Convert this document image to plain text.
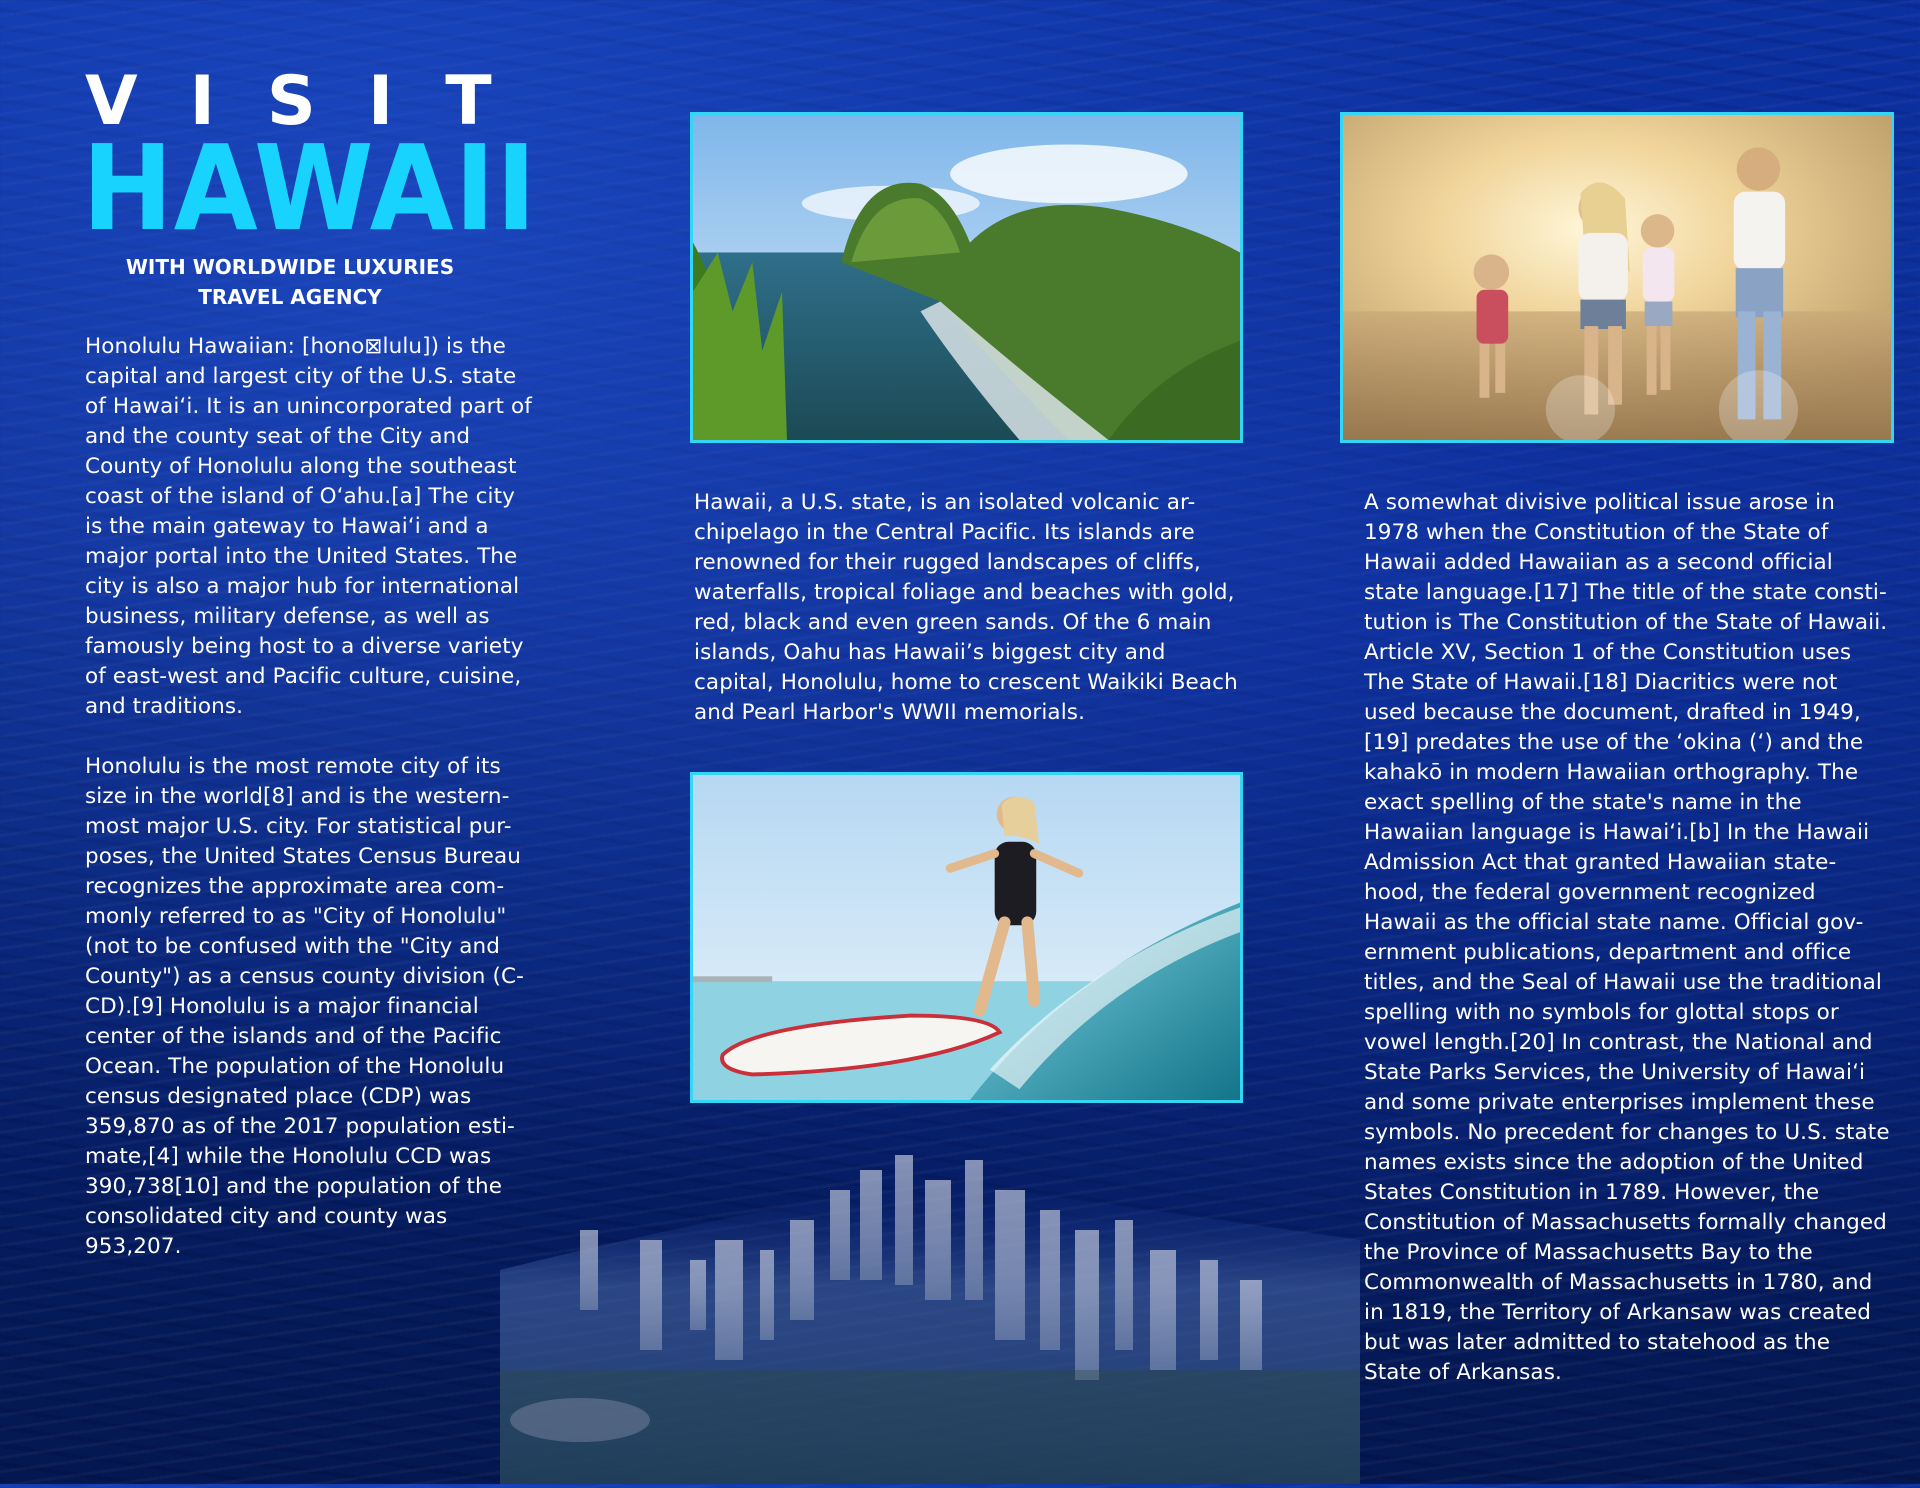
VISIT
HAWAII
WITH WORLDWIDE LUXURIES
TRAVEL AGENCY

Honolulu Hawaiian: [hono⊠lulu]) is the capital and largest city of the U.S. state of Hawaiʻi. It is an unincorporated part of and the county seat of the City and County of Honolulu along the southeast coast of the island of Oʻahu.[a] The city is the main gateway to Hawaiʻi and a major portal into the United States. The city is also a major hub for international business, military defense, as well as famously being host to a diverse variety of east-west and Pacific culture, cuisine, and traditions.

Honolulu is the most remote city of its size in the world[8] and is the western-most major U.S. city. For statistical pur-poses, the United States Census Bureau recognizes the approximate area com-monly referred to as "City of Honolulu" (not to be confused with the "City and County") as a census county division (C-CD).[9] Honolulu is a major financial center of the islands and of the Pacific Ocean. The population of the Honolulu census designated place (CDP) was 359,870 as of the 2017 population esti-mate,[4] while the Honolulu CCD was 390,738[10] and the population of the consolidated city and county was 953,207.

Hawaii, a U.S. state, is an isolated volcanic ar-chipelago in the Central Pacific. Its islands are renowned for their rugged landscapes of cliffs, waterfalls, tropical foliage and beaches with gold, red, black and even green sands. Of the 6 main islands, Oahu has Hawaii’s biggest city and capital, Honolulu, home to crescent Waikiki Beach and Pearl Harbor's WWII memorials.

A somewhat divisive political issue arose in 1978 when the Constitution of the State of Hawaii added Hawaiian as a second official state language.[17] The title of the state consti-tution is The Constitution of the State of Hawaii. Article XV, Section 1 of the Constitution uses The State of Hawaii.[18] Diacritics were not used because the document, drafted in 1949,[19] predates the use of the ʻokina (ʻ) and the kahakō in modern Hawaiian orthography. The exact spelling of the state's name in the Hawaiian language is Hawaiʻi.[b] In the Hawaii Admission Act that granted Hawaiian state-hood, the federal government recognized Hawaii as the official state name. Official gov-ernment publications, department and office titles, and the Seal of Hawaii use the traditional spelling with no symbols for glottal stops or vowel length.[20] In contrast, the National and State Parks Services, the University of Hawaiʻi and some private enterprises implement these symbols. No precedent for changes to U.S. state names exists since the adoption of the United States Constitution in 1789. However, the Constitution of Massachusetts formally changed the Province of Massachusetts Bay to the Commonwealth of Massachusetts in 1780, and in 1819, the Territory of Arkansaw was created but was later admitted to statehood as the State of Arkansas.
